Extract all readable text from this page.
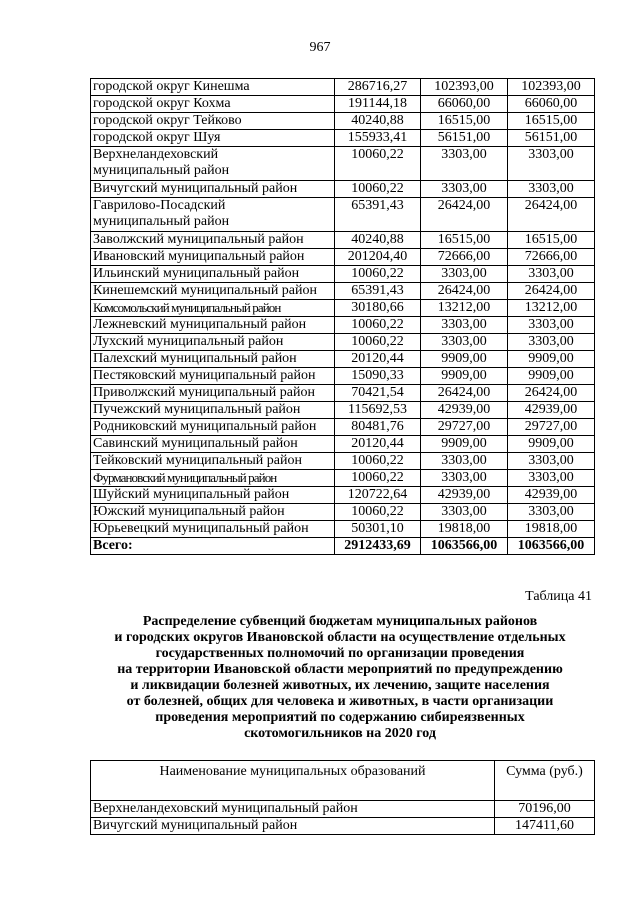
967
городской округ Кинешма	286716,27	102393,00	102393,00
городской округ Кохма	191144,18	66060,00	66060,00
городской округ Тейково	40240,88	16515,00	16515,00
городской округ Шуя	155933,41	56151,00	56151,00
Верхнеландеховский
муниципальный район	10060,22	3303,00	3303,00
Вичугский муниципальный район	10060,22	3303,00	3303,00
Гаврилово-Посадский
муниципальный район	65391,43	26424,00	26424,00
Заволжский муниципальный район	40240,88	16515,00	16515,00
Ивановский муниципальный район	201204,40	72666,00	72666,00
Ильинский муниципальный район	10060,22	3303,00	3303,00
Кинешемский муниципальный район	65391,43	26424,00	26424,00
Комсомольский муниципальный район	30180,66	13212,00	13212,00
Лежневский муниципальный район	10060,22	3303,00	3303,00
Лухский муниципальный район	10060,22	3303,00	3303,00
Палехский муниципальный район	20120,44	9909,00	9909,00
Пестяковский муниципальный район	15090,33	9909,00	9909,00
Приволжский муниципальный район	70421,54	26424,00	26424,00
Пучежский муниципальный район	115692,53	42939,00	42939,00
Родниковский муниципальный район	80481,76	29727,00	29727,00
Савинский муниципальный район	20120,44	9909,00	9909,00
Тейковский муниципальный район	10060,22	3303,00	3303,00
Фурмановский муниципальный район	10060,22	3303,00	3303,00
Шуйский муниципальный район	120722,64	42939,00	42939,00
Южский муниципальный район	10060,22	3303,00	3303,00
Юрьевецкий муниципальный район	50301,10	19818,00	19818,00
Всего:	2912433,69	1063566,00	1063566,00
Таблица 41
Распределение субвенций бюджетам муниципальных районов
и городских округов Ивановской области на осуществление отдельных
государственных полномочий по организации проведения
на территории Ивановской области мероприятий по предупреждению
и ликвидации болезней животных, их лечению, защите населения
от болезней, общих для человека и животных, в части организации
проведения мероприятий по содержанию сибиреязвенных
скотомогильников на 2020 год
Наименование муниципальных образований	Сумма (руб.)
Верхнеландеховский муниципальный район	70196,00
Вичугский муниципальный район	147411,60
